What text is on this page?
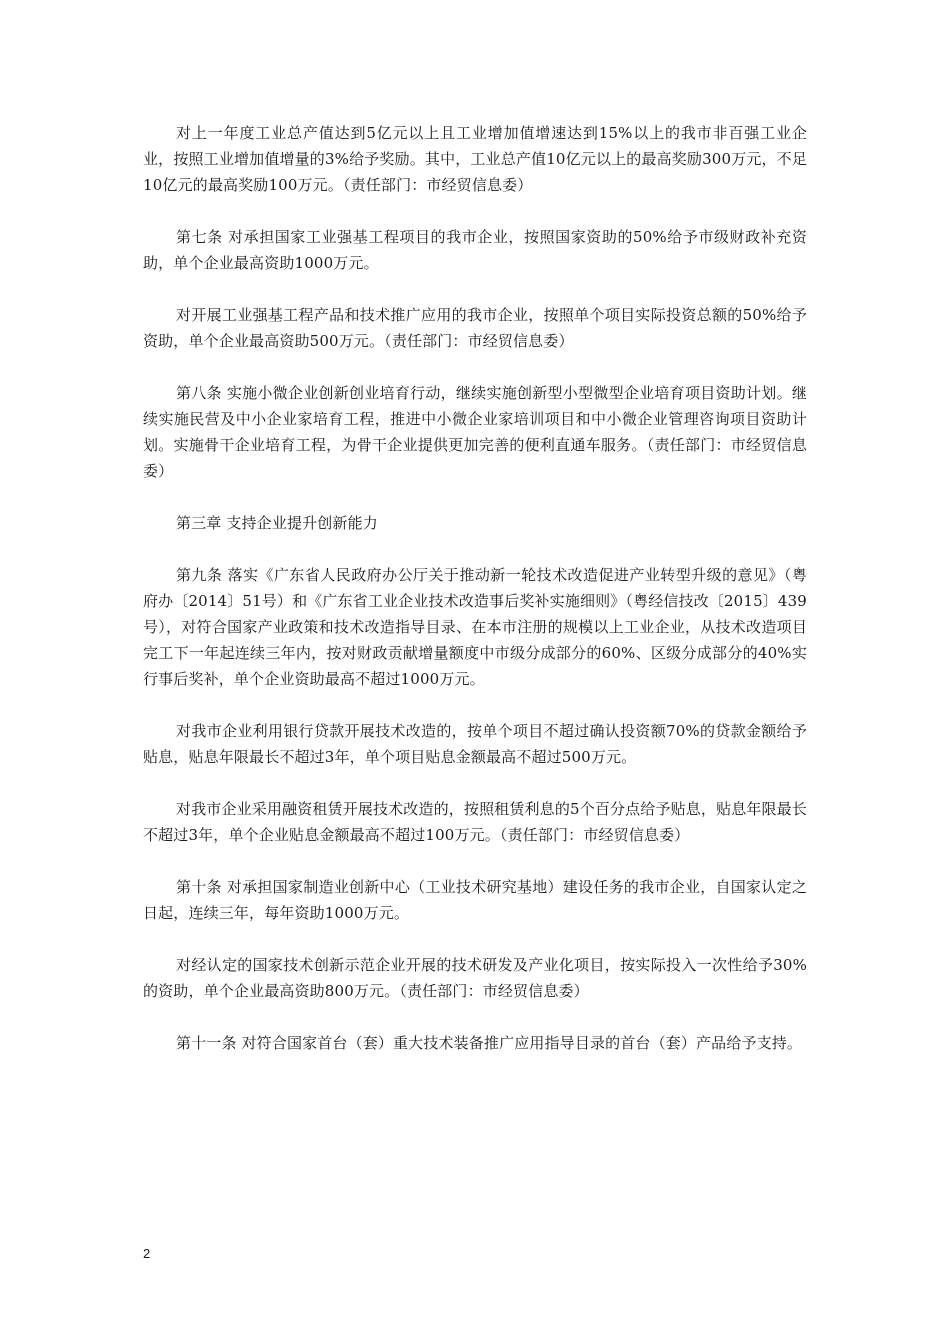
对上一年度工业总产值达到5亿元以上且工业增加值增速达到15%以上的我市非百强工业企业，按照工业增加值增量的3%给予奖励。其中，工业总产值10亿元以上的最高奖励300万元，不足10亿元的最高奖励100万元。（责任部门：市经贸信息委）

第七条 对承担国家工业强基工程项目的我市企业，按照国家资助的50%给予市级财政补充资助，单个企业最高资助1000万元。

对开展工业强基工程产品和技术推广应用的我市企业，按照单个项目实际投资总额的50%给予资助，单个企业最高资助500万元。（责任部门：市经贸信息委）

第八条 实施小微企业创新创业培育行动，继续实施创新型小型微型企业培育项目资助计划。继续实施民营及中小企业家培育工程，推进中小微企业家培训项目和中小微企业管理咨询项目资助计划。实施骨干企业培育工程，为骨干企业提供更加完善的便利直通车服务。（责任部门：市经贸信息委）

第三章 支持企业提升创新能力

第九条 落实《广东省人民政府办公厅关于推动新一轮技术改造促进产业转型升级的意见》（粤府办〔2014〕51号）和《广东省工业企业技术改造事后奖补实施细则》（粤经信技改〔2015〕439号），对符合国家产业政策和技术改造指导目录、在本市注册的规模以上工业企业，从技术改造项目完工下一年起连续三年内，按对财政贡献增量额度中市级分成部分的60%、区级分成部分的40%实行事后奖补，单个企业资助最高不超过1000万元。

对我市企业利用银行贷款开展技术改造的，按单个项目不超过确认投资额70%的贷款金额给予贴息，贴息年限最长不超过3年，单个项目贴息金额最高不超过500万元。

对我市企业采用融资租赁开展技术改造的，按照租赁利息的5个百分点给予贴息，贴息年限最长不超过3年，单个企业贴息金额最高不超过100万元。（责任部门：市经贸信息委）

第十条 对承担国家制造业创新中心（工业技术研究基地）建设任务的我市企业，自国家认定之日起，连续三年，每年资助1000万元。

对经认定的国家技术创新示范企业开展的技术研发及产业化项目，按实际投入一次性给予30%的资助，单个企业最高资助800万元。（责任部门：市经贸信息委）

第十一条 对符合国家首台（套）重大技术装备推广应用指导目录的首台（套）产品给予支持。

2
